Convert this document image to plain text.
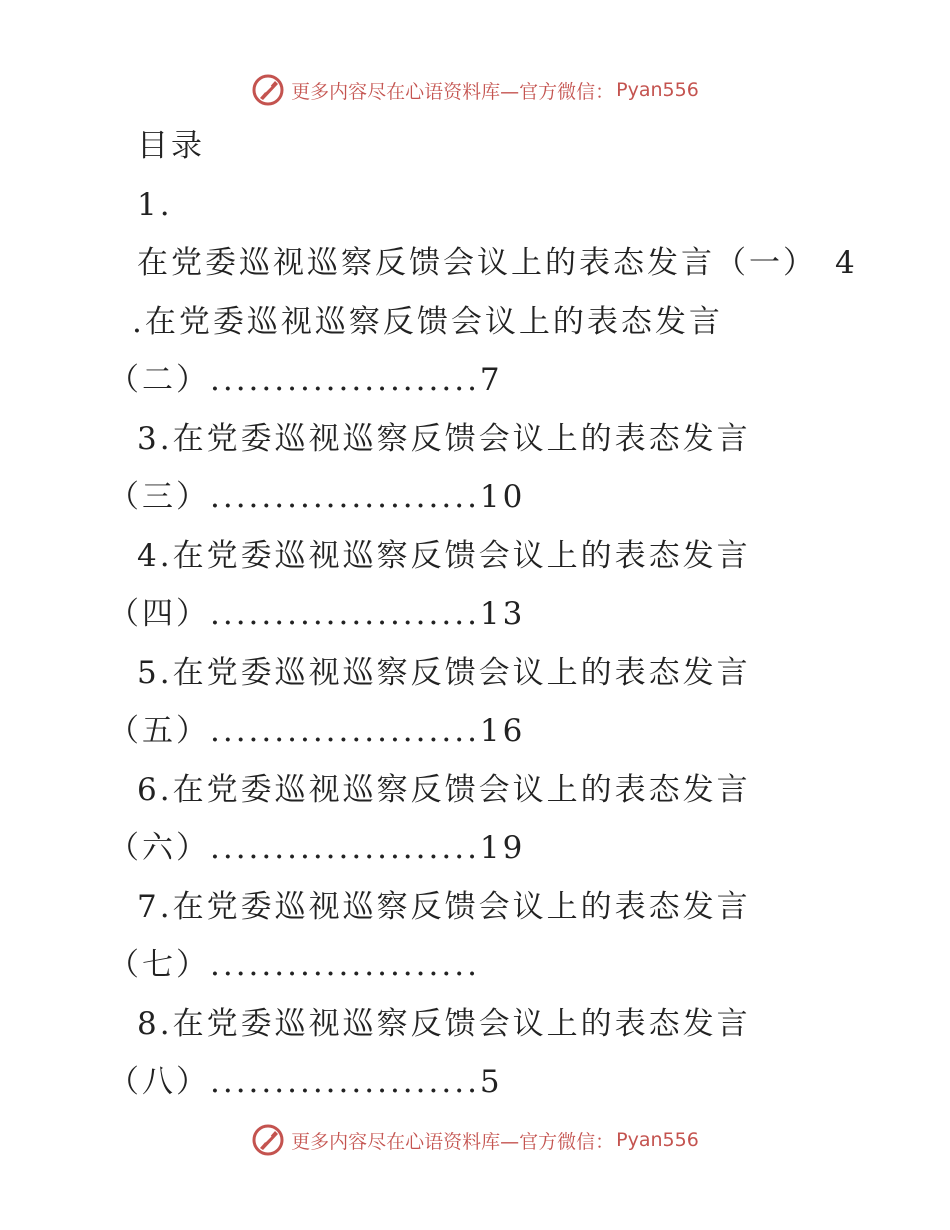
更多内容尽在心语资料库—官方微信： Pyan556
目录
1.
在党委巡视巡察反馈会议上的表态发言（一） 4
.在党委巡视巡察反馈会议上的表态发言
（二）.....................7
3.在党委巡视巡察反馈会议上的表态发言
（三）.....................10
4.在党委巡视巡察反馈会议上的表态发言
（四）.....................13
5.在党委巡视巡察反馈会议上的表态发言
（五）.....................16
6.在党委巡视巡察反馈会议上的表态发言
（六）.....................19
7.在党委巡视巡察反馈会议上的表态发言
（七）.....................
8.在党委巡视巡察反馈会议上的表态发言
（八）.....................5
更多内容尽在心语资料库—官方微信： Pyan556
